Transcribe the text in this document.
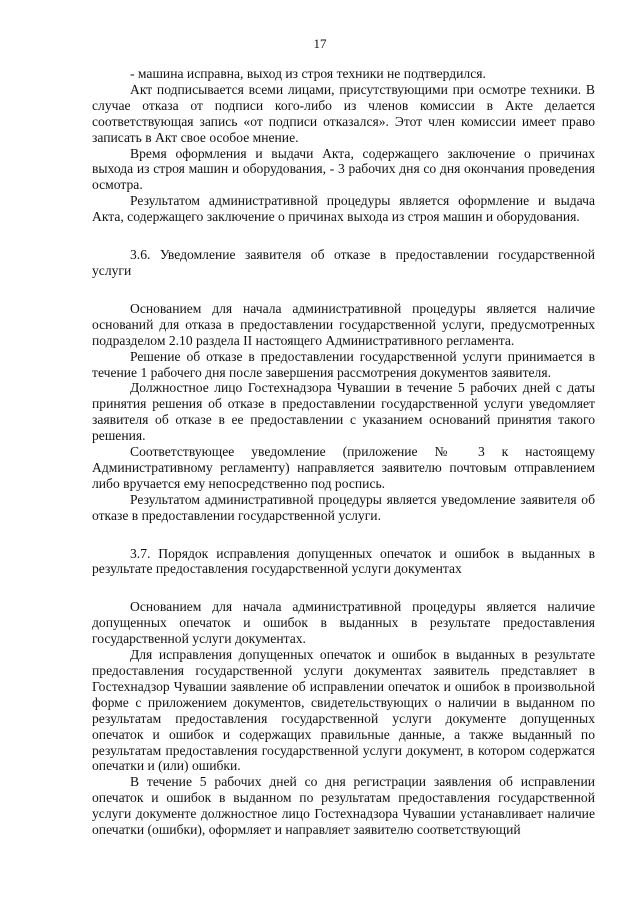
17

- машина исправна, выход из строя техники не подтвердился.

Акт подписывается всеми лицами, присутствующими при осмотре техники. В случае отказа от подписи кого-либо из членов комиссии в Акте делается соответствующая запись «от подписи отказался». Этот член комиссии имеет право записать в Акт свое особое мнение.

Время оформления и выдачи Акта, содержащего заключение о причинах выхода из строя машин и оборудования, - 3 рабочих дня со дня окончания проведения осмотра.

Результатом административной процедуры является оформление и выдача Акта, содержащего заключение о причинах выхода из строя машин и оборудования.

3.6. Уведомление заявителя об отказе в предоставлении государственной услуги

Основанием для начала административной процедуры является наличие оснований для отказа в предоставлении государственной услуги, предусмотренных подразделом 2.10 раздела II настоящего Административного регламента.

Решение об отказе в предоставлении государственной услуги принимается в течение 1 рабочего дня после завершения рассмотрения документов заявителя.

Должностное лицо Гостехнадзора Чувашии в течение 5 рабочих дней с даты принятия решения об отказе в предоставлении государственной услуги уведомляет заявителя об отказе в ее предоставлении с указанием оснований принятия такого решения.

Соответствующее уведомление (приложение № 3 к настоящему Административному регламенту) направляется заявителю почтовым отправлением либо вручается ему непосредственно под роспись.

Результатом административной процедуры является уведомление заявителя об отказе в предоставлении государственной услуги.

3.7. Порядок исправления допущенных опечаток и ошибок в выданных в результате предоставления государственной услуги документах

Основанием для начала административной процедуры является наличие допущенных опечаток и ошибок в выданных в результате предоставления государственной услуги документах.

Для исправления допущенных опечаток и ошибок в выданных в результате предоставления государственной услуги документах заявитель представляет в Гостехнадзор Чувашии заявление об исправлении опечаток и ошибок в произвольной форме с приложением документов, свидетельствующих о наличии в выданном по результатам предоставления государственной услуги документе допущенных опечаток и ошибок и содержащих правильные данные, а также выданный по результатам предоставления государственной услуги документ, в котором содержатся опечатки и (или) ошибки.

В течение 5 рабочих дней со дня регистрации заявления об исправлении опечаток и ошибок в выданном по результатам предоставления государственной услуги документе должностное лицо Гостехнадзора Чувашии устанавливает наличие опечатки (ошибки), оформляет и направляет заявителю соответствующий
